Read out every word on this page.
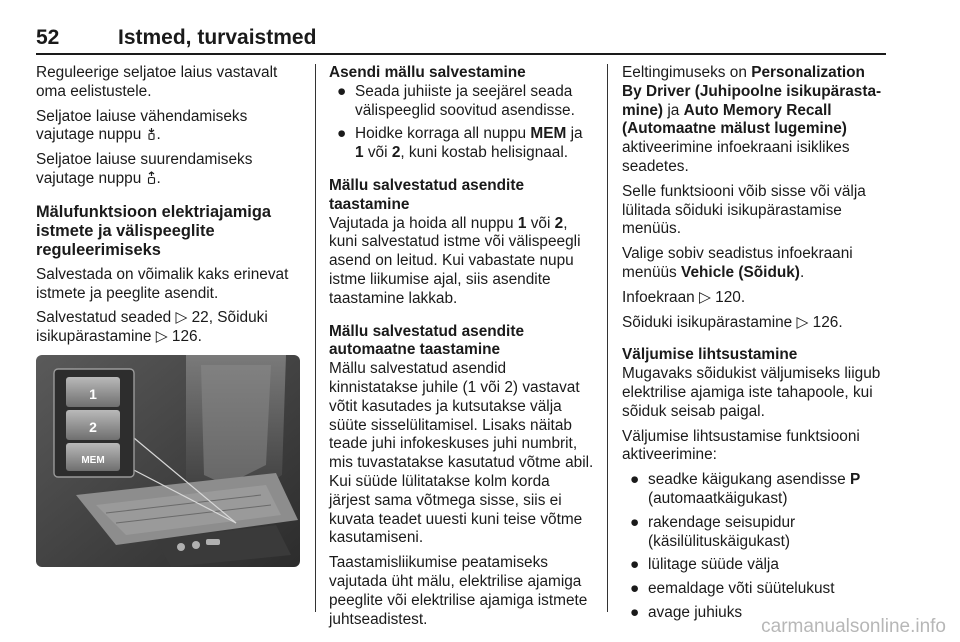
52	Istmed, turvaistmed

Reguleerige seljatoe laius vastavalt oma eelistustele.

Seljatoe laiuse vähendamiseks vajutage nuppu .

Seljatoe laiuse suurendamiseks vajutage nuppu .

Mälufunktsioon elektriajamiga istmete ja välispeeglite reguleerimiseks

Salvestada on võimalik kaks erinevat istmete ja peeglite asendit.

Salvestatud seaded ▷ 22, Sõiduki isikupärastamine ▷ 126.

1
2
MEM
Asendi mällu salvestamine
● Seada juhiiste ja seejärel seada välispeeglid soovitud asendisse.
● Hoidke korraga all nuppu MEM ja 1 või 2, kuni kostab helisignaal.
Mällu salvestatud asendite
taastamine

Vajutada ja hoida all nuppu 1 või 2, kuni salvestatud istme või välispeegli asend on leitud. Kui vabastate nupu istme liikumise ajal, siis asendite taastamine lakkab.

Mällu salvestatud asendite
automaatne taastamine

Mällu salvestatud asendid kinnistatakse juhile (1 või 2) vastavat võtit kasutades ja kutsutakse välja süüte sisselülitamisel. Lisaks näitab teade juhi infokeskuses juhi numbrit, mis tuvastatakse kasutatud võtme abil. Kui süüde lülitatakse kolm korda järjest sama võtmega sisse, siis ei kuvata teadet uuesti kuni teise võtme kasutamiseni.

Taastamisliikumise peatamiseks vajutada üht mälu, elektrilise ajamiga peeglite või elektrilise ajamiga istmete juhtseadistest.

Eeltingimuseks on Personalization By Driver (Juhipoolne isikupärastamine) ja Auto Memory Recall (Automaatne mälust lugemine) aktiveerimine infoekraani isiklikes seadetes.

Selle funktsiooni võib sisse või välja lülitada sõiduki isikupärastamise menüüs.

Valige sobiv seadistus infoekraani menüüs Vehicle (Sõiduk).

Infoekraan ▷ 120.

Sõiduki isikupärastamine ▷ 126.

Väljumise lihtsustamine

Mugavaks sõidukist väljumiseks liigub elektrilise ajamiga iste tahapoole, kui sõiduk seisab paigal.

Väljumise lihtsustamise funktsiooni aktiveerimine:

● seadke käigukang asendisse P
(automaatkäigukast)
● rakendage seisupidur (käsilülituskäigukast)
● lülitage süüde välja
● eemaldage võti süütelukust
● avage juhiuks
carmanualsonline.info
